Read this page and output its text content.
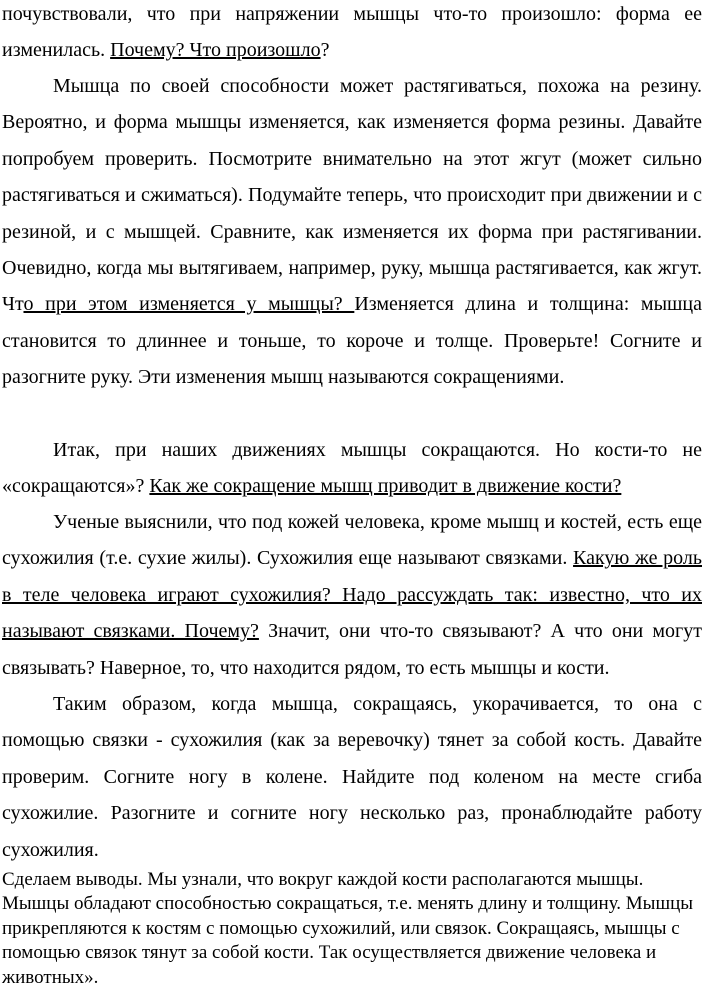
почувствовали, что при напряжении мышцы что-то произошло: форма ее изменилась. Почему? Что произошло?

Мышца по своей способности может растягиваться, похожа на резину. Вероятно, и форма мышцы изменяется, как изменяется форма резины. Давайте попробуем проверить. Посмотрите внимательно на этот жгут (может сильно растягиваться и сжиматься). Подумайте теперь, что происходит при движении и с резиной, и с мышцей. Сравните, как изменяется их форма при растягивании. Очевидно, когда мы вытягиваем, например, руку, мышца растягивается, как жгут. Что при этом изменяется у мышцы? Изменяется длина и толщина: мышца становится то длиннее и тоньше, то короче и толще. Проверьте! Согните и разогните руку. Эти изменения мышц называются сокращениями.

Итак, при наших движениях мышцы сокращаются. Но кости-то не «сокращаются»? Как же сокращение мышц приводит в движение кости?

Ученые выяснили, что под кожей человека, кроме мышц и костей, есть еще сухожилия (т.е. сухие жилы). Сухожилия еще называют связками. Какую же роль в теле человека играют сухожилия? Надо рассуждать так: известно, что их называют связками. Почему? Значит, они что-то связывают? А что они могут связывать? Наверное, то, что находится рядом, то есть мышцы и кости.

Таким образом, когда мышца, сокращаясь, укорачивается, то она с помощью связки - сухожилия (как за веревочку) тянет за собой кость. Давайте проверим. Согните ногу в колене. Найдите под коленом на месте сгиба сухожилие. Разогните и согните ногу несколько раз, пронаблюдайте работу сухожилия.

Сделаем выводы. Мы узнали, что вокруг каждой кости располагаются мышцы. Мышцы обладают способностью сокращаться, т.е. менять длину и толщину. Мышцы прикрепляются к костям с помощью сухожилий, или связок. Сокращаясь, мышцы с помощью связок тянут за собой кости. Так осуществляется движение человека и животных».
